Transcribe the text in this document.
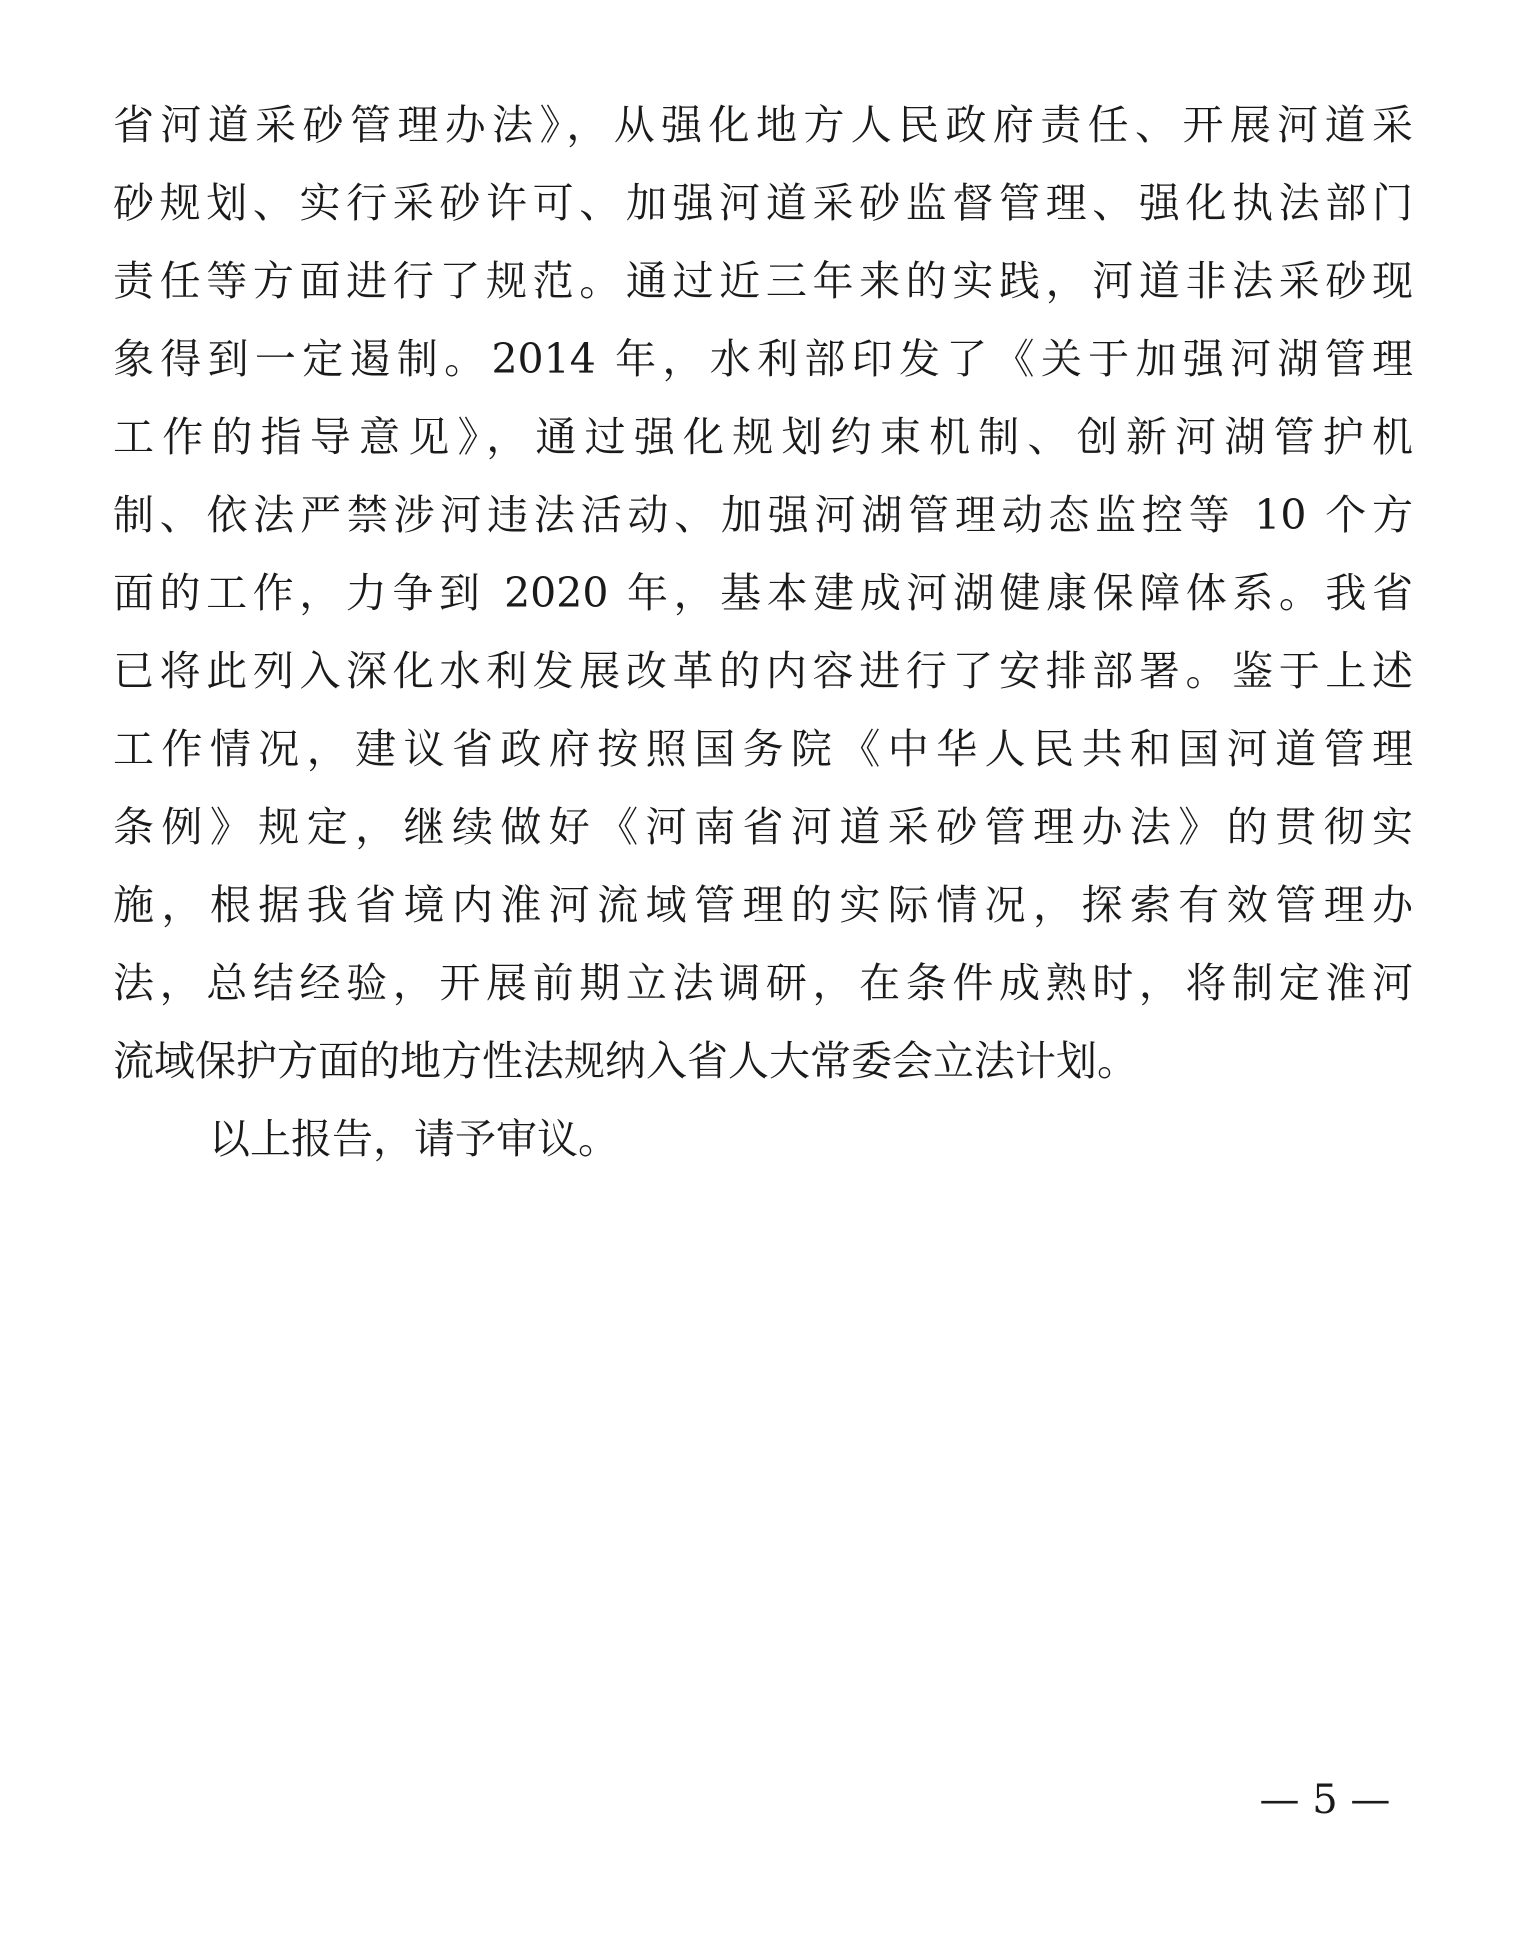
省河道采砂管理办法》，从强化地方人民政府责任、开展河道采
砂规划、实行采砂许可、加强河道采砂监督管理、强化执法部门
责任等方面进行了规范。通过近三年来的实践，河道非法采砂现
象得到一定遏制。2014 年，水利部印发了《关于加强河湖管理
工作的指导意见》，通过强化规划约束机制、创新河湖管护机
制、依法严禁涉河违法活动、加强河湖管理动态监控等 10 个方
面的工作，力争到 2020 年，基本建成河湖健康保障体系。我省
已将此列入深化水利发展改革的内容进行了安排部署。鉴于上述
工作情况，建议省政府按照国务院《中华人民共和国河道管理
条例》规定，继续做好《河南省河道采砂管理办法》的贯彻实
施，根据我省境内淮河流域管理的实际情况，探索有效管理办
法，总结经验，开展前期立法调研，在条件成熟时，将制定淮河
流域保护方面的地方性法规纳入省人大常委会立法计划。
以上报告，请予审议。
— 5 —
